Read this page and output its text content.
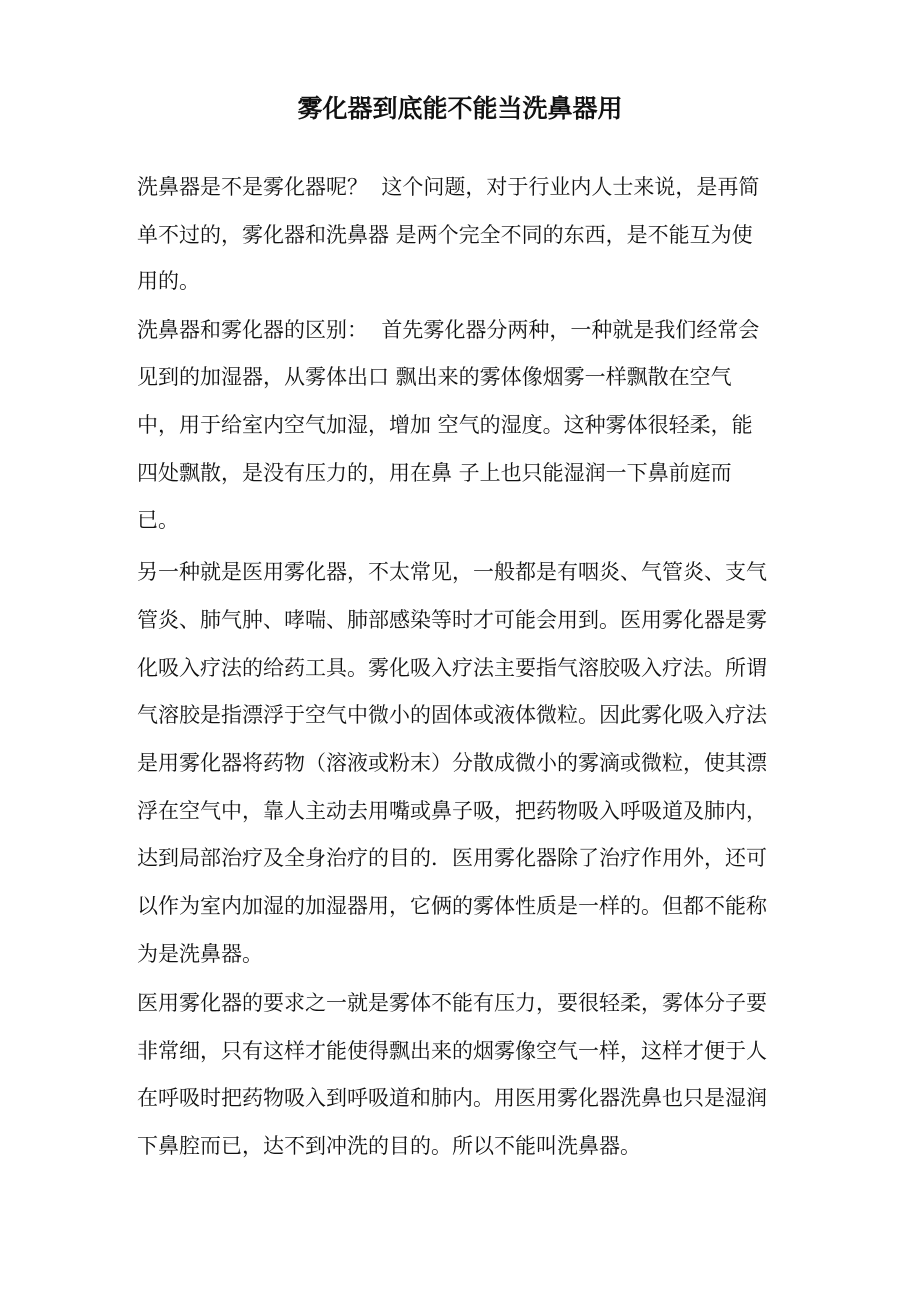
雾化器到底能不能当洗鼻器用

洗鼻器是不是雾化器呢？  这个问题，对于行业内人士来说，是再简

单不过的，雾化器和洗鼻器 是两个完全不同的东西，是不能互为使

用的。

洗鼻器和雾化器的区别：  首先雾化器分两种，一种就是我们经常会

见到的加湿器，从雾体出口 飘出来的雾体像烟雾一样飘散在空气

中，用于给室内空气加湿，增加 空气的湿度。这种雾体很轻柔，能

四处飘散，是没有压力的，用在鼻 子上也只能湿润一下鼻前庭而

已。

另一种就是医用雾化器，不太常见，一般都是有咽炎、气管炎、支气

管炎、肺气肿、哮喘、肺部感染等时才可能会用到。医用雾化器是雾

化吸入疗法的给药工具。雾化吸入疗法主要指气溶胶吸入疗法。所谓

气溶胶是指漂浮于空气中微小的固体或液体微粒。因此雾化吸入疗法

是用雾化器将药物（溶液或粉末）分散成微小的雾滴或微粒，使其漂

浮在空气中，靠人主动去用嘴或鼻子吸，把药物吸入呼吸道及肺内，

达到局部治疗及全身治疗的目的．医用雾化器除了治疗作用外，还可

以作为室内加湿的加湿器用，它俩的雾体性质是一样的。但都不能称

为是洗鼻器。

医用雾化器的要求之一就是雾体不能有压力，要很轻柔，雾体分子要

非常细，只有这样才能使得飘出来的烟雾像空气一样，这样才便于人

在呼吸时把药物吸入到呼吸道和肺内。用医用雾化器洗鼻也只是湿润

下鼻腔而已，达不到冲洗的目的。所以不能叫洗鼻器。
